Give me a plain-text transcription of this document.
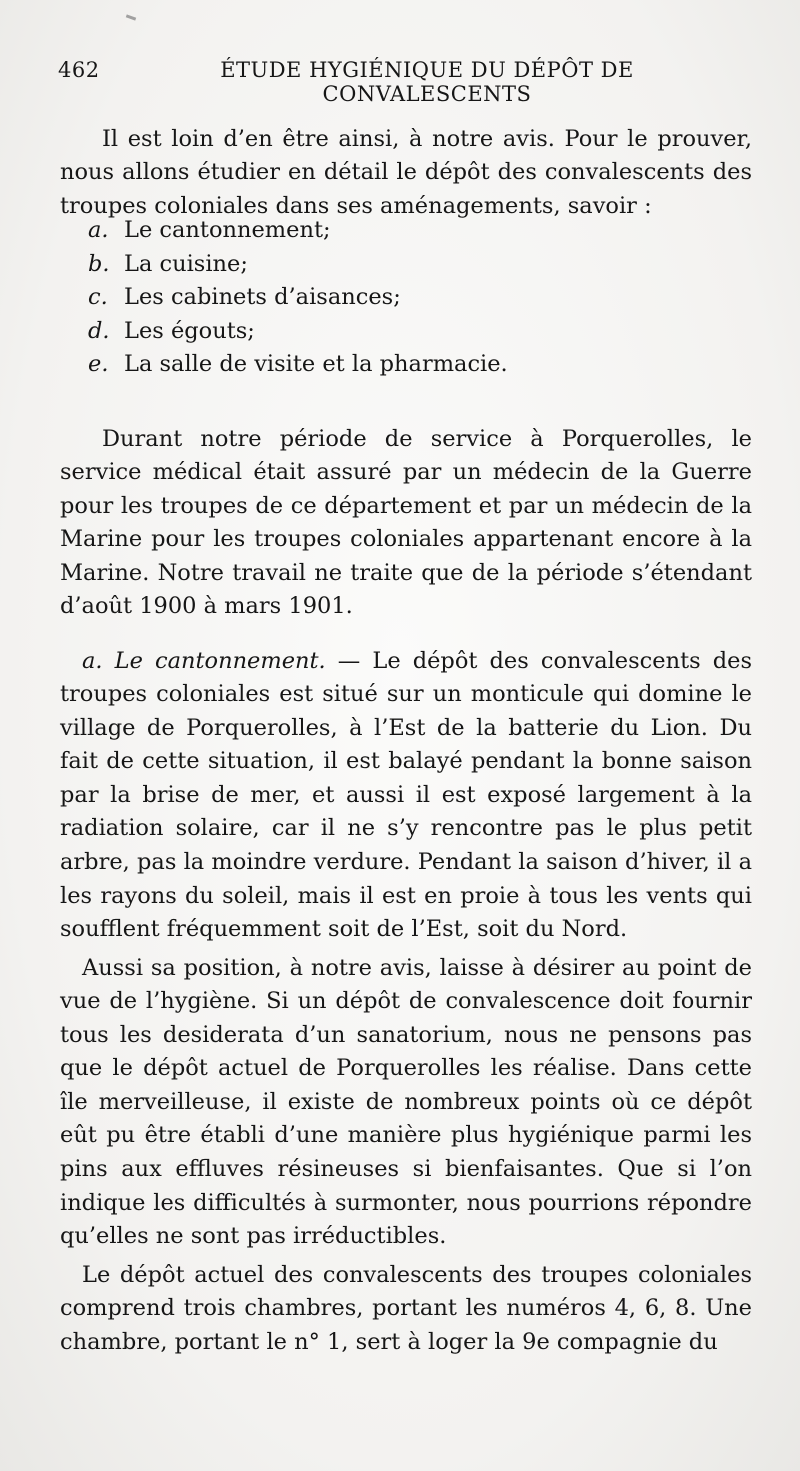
462	ÉTUDE HYGIÉNIQUE DU DÉPÔT DE CONVALESCENTS

Il est loin d’en être ainsi, à notre avis. Pour le prouver, nous allons étudier en détail le dépôt des convalescents des troupes coloniales dans ses aménagements, savoir :

a. Le cantonnement;
b. La cuisine;
c. Les cabinets d’aisances;
d. Les égouts;
e. La salle de visite et la pharmacie.

Durant notre période de service à Porquerolles, le service médical était assuré par un médecin de la Guerre pour les troupes de ce département et par un médecin de la Marine pour les troupes coloniales appartenant encore à la Marine. Notre travail ne traite que de la période s’étendant d’août 1900 à mars 1901.

a. Le cantonnement. — Le dépôt des convalescents des troupes coloniales est situé sur un monticule qui domine le village de Porquerolles, à l’Est de la batterie du Lion. Du fait de cette situation, il est balayé pendant la bonne saison par la brise de mer, et aussi il est exposé largement à la radiation solaire, car il ne s’y rencontre pas le plus petit arbre, pas la moindre verdure. Pendant la saison d’hiver, il a les rayons du soleil, mais il est en proie à tous les vents qui soufflent fréquemment soit de l’Est, soit du Nord.

Aussi sa position, à notre avis, laisse à désirer au point de vue de l’hygiène. Si un dépôt de convalescence doit fournir tous les desiderata d’un sanatorium, nous ne pensons pas que le dépôt actuel de Porquerolles les réalise. Dans cette île merveilleuse, il existe de nombreux points où ce dépôt eût pu être établi d’une manière plus hygiénique parmi les pins aux effluves résineuses si bienfaisantes. Que si l’on indique les difficultés à surmonter, nous pourrions répondre qu’elles ne sont pas irréductibles.

Le dépôt actuel des convalescents des troupes coloniales comprend trois chambres, portant les numéros 4, 6, 8. Une chambre, portant le n° 1, sert à loger la 9e compagnie du
